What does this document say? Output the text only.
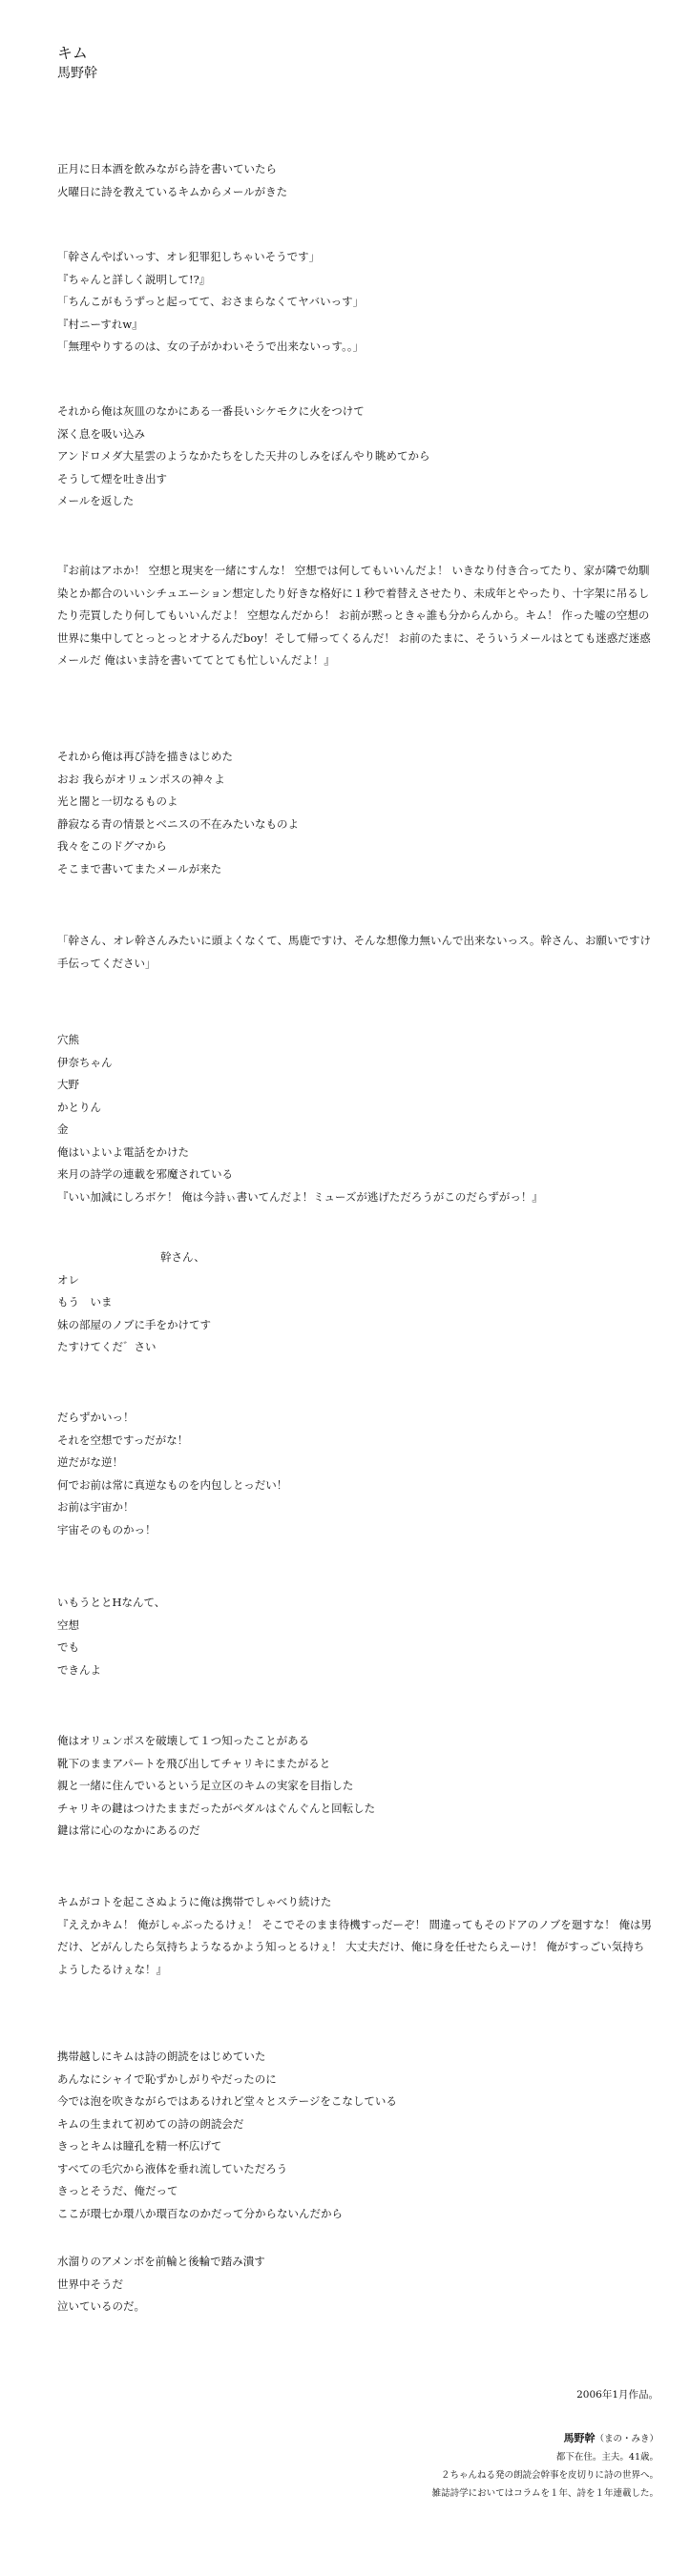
キム
馬野幹
正月に日本酒を飲みながら詩を書いていたら
火曜日に詩を教えているキムからメールがきた
「幹さんやばいっす、オレ犯罪犯しちゃいそうです」
『ちゃんと詳しく説明して!?』
「ちんこがもうずっと起ってて、おさまらなくてヤバいっす」
『村ニーすれw』
「無理やりするのは、女の子がかわいそうで出来ないっす。。」
それから俺は灰皿のなかにある一番長いシケモクに火をつけて
深く息を吸い込み
アンドロメダ大星雲のようなかたちをした天井のしみをぼんやり眺めてから
そうして煙を吐き出す
メールを返した
『お前はアホか！ 空想と現実を一緒にすんな！ 空想では何してもいいんだよ！ いきなり付き合ってたり、家が隣で幼馴染とか都合のいいシチュエーション想定したり好きな格好に１秒で着替えさせたり、未成年とやったり、十字架に吊るしたり売買したり何してもいいんだよ！ 空想なんだから！ お前が黙っときゃ誰も分からんから。キム！ 作った嘘の空想の世界に集中してとっとっとオナるんだboy！そして帰ってくるんだ！ お前のたまに、そういうメールはとても迷惑だ迷惑メールだ 俺はいま詩を書いててとても忙しいんだよ！』
それから俺は再び詩を描きはじめた
おお 我らがオリュンポスの神々よ
光と闇と一切なるものよ
静寂なる青の情景とベニスの不在みたいなものよ
我々をこのドグマから
そこまで書いてまたメールが来た
「幹さん、オレ幹さんみたいに頭よくなくて、馬鹿ですけ、そんな想像力無いんで出来ないっス。幹さん、お願いですけ手伝ってください」
穴熊
伊奈ちゃん
大野
かとりん
金
俺はいよいよ電話をかけた
来月の詩学の連載を邪魔されている
『いい加減にしろボケ！ 俺は今詩ぃ書いてんだよ！ミューズが逃げただろうがこのだらずがっ！』
幹さん、
オレ
もう　いま
妹の部屋のノブに手をかけてす
たすけてくだ゛さい
だらずかいっ！
それを空想ですっだがな！
逆だがな逆！
何でお前は常に真逆なものを内包しとっだい！
お前は宇宙か！
宇宙そのものかっ！
いもうととHなんて、
空想
でも
できんよ
俺はオリュンポスを破壊して１つ知ったことがある
靴下のままアパートを飛び出してチャリキにまたがると
親と一緒に住んでいるという足立区のキムの実家を目指した
チャリキの鍵はつけたままだったがペダルはぐんぐんと回転した
鍵は常に心のなかにあるのだ
キムがコトを起こさぬように俺は携帯でしゃべり続けた
『ええかキム！ 俺がしゃぶったるけぇ！ そこでそのまま待機すっだーぞ！ 間違ってもそのドアのノブを廻すな！ 俺は男だけ、どがんしたら気持ちようなるかよう知っとるけぇ！ 大丈夫だけ、俺に身を任せたらえーけ！ 俺がすっごい気持ちようしたるけぇな！』
携帯越しにキムは詩の朗読をはじめていた
あんなにシャイで恥ずかしがりやだったのに
今では泡を吹きながらではあるけれど堂々とステージをこなしている
キムの生まれて初めての詩の朗読会だ
きっとキムは瞳孔を精一杯広げて
すべての毛穴から液体を垂れ流していただろう
きっとそうだ、俺だって
ここが環七か環八か環百なのかだって分からないんだから
水溜りのアメンボを前輪と後輪で踏み潰す
世界中そうだ
泣いているのだ。
2006年1月作品。
馬野幹（まの・みき）
都下在住。主夫。41歳。
２ちゃんねる発の朗読会幹事を皮切りに詩の世界へ。
雑誌詩学においてはコラムを１年、詩を１年連載した。
